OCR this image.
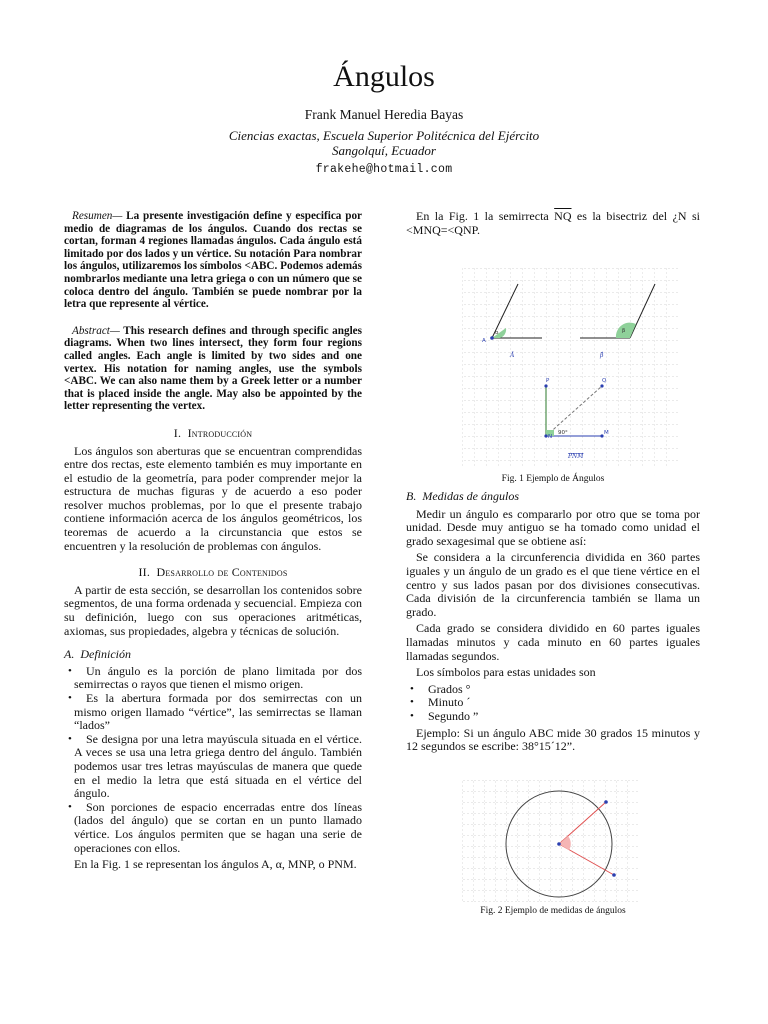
Ángulos
Frank Manuel Heredia Bayas
Ciencias exactas, Escuela Superior Politécnica del Ejército
Sangolquí, Ecuador
frakehe@hotmail.com
Resumen— La presente investigación define y especifica por medio de diagramas de los ángulos. Cuando dos rectas se cortan, forman 4 regiones llamadas ángulos. Cada ángulo está limitado por dos lados y un vértice. Su notación Para nombrar los ángulos, utilizaremos los símbolos <ABC. Podemos además nombrarlos mediante una letra griega o con un número que se coloca dentro del ángulo. También se puede nombrar por la letra que represente al vértice.
Abstract— This research defines and through specific angles diagrams. When two lines intersect, they form four regions called angles. Each angle is limited by two sides and one vertex. His notation for naming angles, use the symbols <ABC. We can also name them by a Greek letter or a number that is placed inside the angle. May also be appointed by the letter representing the vertex.
I. Introducción

Los ángulos son aberturas que se encuentran comprendidas entre dos rectas, este elemento también es muy importante en el estudio de la geometría, para poder comprender mejor la estructura de muchas figuras y de acuerdo a eso poder resolver muchos problemas, por lo que el presente trabajo contiene información acerca de los ángulos geométricos, los teoremas de acuerdo a la circunstancia que estos se encuentren y la resolución de problemas con ángulos.

II. Desarrollo de Contenidos

A partir de esta sección, se desarrollan los contenidos sobre segmentos, de una forma ordenada y secuencial. Empieza con su definición, luego con sus operaciones aritméticas, axiomas, sus propiedades, algebra y técnicas de solución.

A. Definición
• Un ángulo es la porción de plano limitada por dos semirrectas o rayos que tienen el mismo origen.
• Es la abertura formada por dos semirrectas con un mismo origen llamado “vértice”, las semirrectas se llaman “lados”
• Se designa por una letra mayúscula situada en el vértice. A veces se usa una letra griega dentro del ángulo. También podemos usar tres letras mayúsculas de manera que quede en el medio la letra que está situada en el vértice del ángulo.
• Son porciones de espacio encerradas entre dos líneas (lados del ángulo) que se cortan en un punto llamado vértice. Los ángulos permiten que se hagan una serie de operaciones con ellos.

En la Fig. 1 se representan los ángulos A, α, MNP, o PNM.

En la Fig. 1 la semirrecta $\overline{NQ}$ es la bisectriz del ¿N si <MNQ=<QNP.

A
α
Â
β
β̂
P	Q
N
M
90°
PNM
Fig. 1 Ejemplo de Ángulos
B. Medidas de ángulos

Medir un ángulo es compararlo por otro que se toma por unidad. Desde muy antiguo se ha tomado como unidad el grado sexagesimal que se obtiene así:

Se considera a la circunferencia dividida en 360 partes iguales y un ángulo de un grado es el que tiene vértice en el centro y sus lados pasan por dos divisiones consecutivas. Cada división de la circunferencia también se llama un grado.

Cada grado se considera dividido en 60 partes iguales llamadas minutos y cada minuto en 60 partes iguales llamadas segundos.

Los símbolos para estas unidades son

• Grados °
• Minuto ´
• Segundo ”

Ejemplo: Si un ángulo ABC mide 30 grados 15 minutos y 12 segundos se escribe: 38°15´12”.

Fig. 2 Ejemplo de medidas de ángulos
